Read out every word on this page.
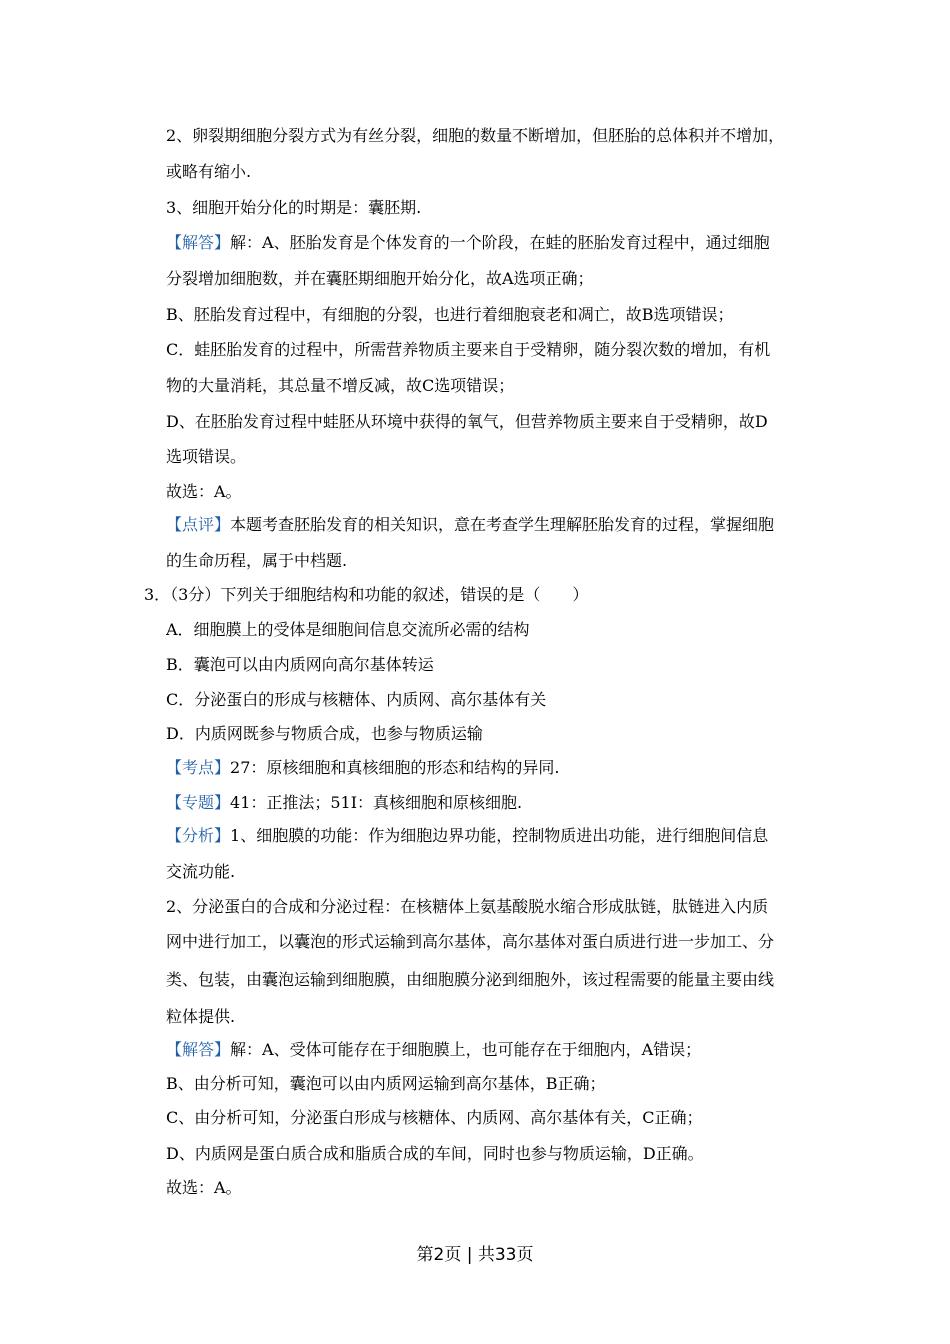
2、卵裂期细胞分裂方式为有丝分裂，细胞的数量不断增加，但胚胎的总体积并不增加，
或略有缩小.
3、细胞开始分化的时期是：囊胚期.
【解答】解：A、胚胎发育是个体发育的一个阶段，在蛙的胚胎发育过程中，通过细胞
分裂增加细胞数，并在囊胚期细胞开始分化，故A选项正确；
B、胚胎发育过程中，有细胞的分裂，也进行着细胞衰老和凋亡，故B选项错误；
C．蛙胚胎发育的过程中，所需营养物质主要来自于受精卵，随分裂次数的增加，有机
物的大量消耗，其总量不增反减，故C选项错误；
D、在胚胎发育过程中蛙胚从环境中获得的氧气，但营养物质主要来自于受精卵，故D
选项错误。
故选：A。
【点评】本题考查胚胎发育的相关知识，意在考查学生理解胚胎发育的过程，掌握细胞
的生命历程，属于中档题.
3．（3分）下列关于细胞结构和功能的叙述，错误的是（　　）
A．细胞膜上的受体是细胞间信息交流所必需的结构
B．囊泡可以由内质网向高尔基体转运
C．分泌蛋白的形成与核糖体、内质网、高尔基体有关
D．内质网既参与物质合成，也参与物质运输
【考点】27：原核细胞和真核细胞的形态和结构的异同.
【专题】41：正推法；51I：真核细胞和原核细胞.
【分析】1、细胞膜的功能：作为细胞边界功能，控制物质进出功能，进行细胞间信息
交流功能.
2、分泌蛋白的合成和分泌过程：在核糖体上氨基酸脱水缩合形成肽链，肽链进入内质
网中进行加工，以囊泡的形式运输到高尔基体，高尔基体对蛋白质进行进一步加工、分
类、包装，由囊泡运输到细胞膜，由细胞膜分泌到细胞外，该过程需要的能量主要由线
粒体提供.
【解答】解：A、受体可能存在于细胞膜上，也可能存在于细胞内，A错误；
B、由分析可知，囊泡可以由内质网运输到高尔基体，B正确；
C、由分析可知，分泌蛋白形成与核糖体、内质网、高尔基体有关，C正确；
D、内质网是蛋白质合成和脂质合成的车间，同时也参与物质运输，D正确。
故选：A。
第2页 | 共33页
